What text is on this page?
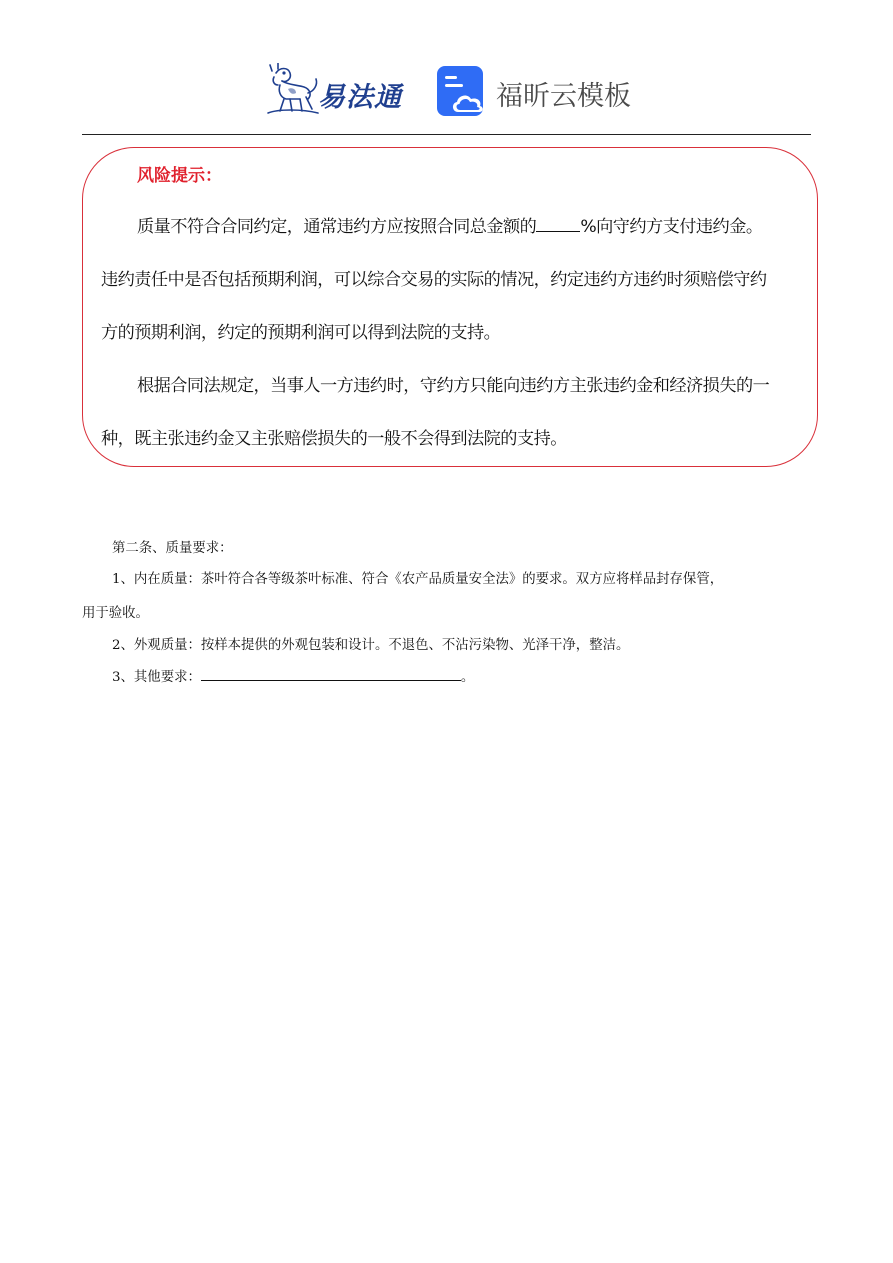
易法通	福昕云模板
风险提示：
质量不符合合同约定，通常违约方应按照合同总金额的	%向守约方支付违约金。
违约责任中是否包括预期利润，可以综合交易的实际的情况，约定违约方违约时须赔偿守约
方的预期利润，约定的预期利润可以得到法院的支持。
根据合同法规定，当事人一方违约时，守约方只能向违约方主张违约金和经济损失的一
种，既主张违约金又主张赔偿损失的一般不会得到法院的支持。
第二条、质量要求：
1、内在质量：茶叶符合各等级茶叶标准、符合《农产品质量安全法》的要求。双方应将样品封存保管，
用于验收。
2、外观质量：按样本提供的外观包装和设计。不退色、不沾污染物、光泽干净，整洁。
3、其他要求：	。
